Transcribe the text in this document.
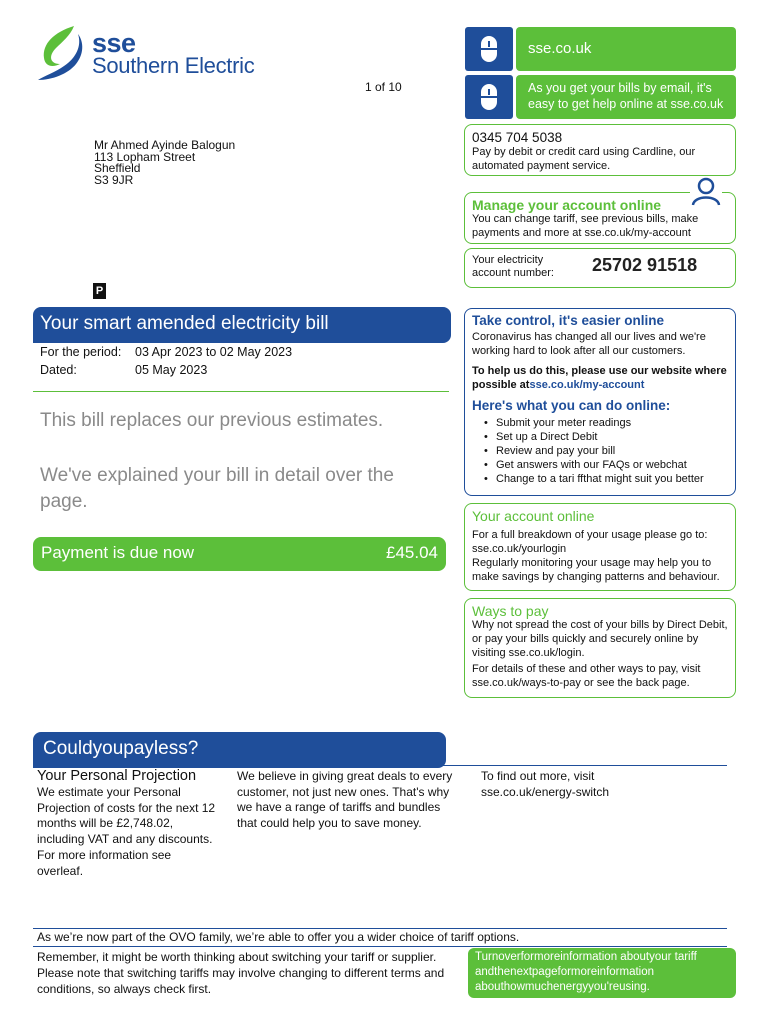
sse
Southern Electric
1 of 10
Mr Ahmed Ayinde Balogun
113 Lopham Street
Sheffield
S3 9JR
P
sse.co.uk
As you get your bills by email, it's easy to get help online at sse.co.uk
0345 704 5038
Pay by debit or credit card using Cardline, our automated payment service.
Manage your account online
You can change tariff, see previous bills, make payments and more at sse.co.uk/my-account
Your electricity
account number: 25702 91518
Take control, it's easier online
Coronavirus has changed all our lives and we're working hard to look after all our customers.
To help us do this, please use our website where possible atsse.co.uk/my-account
Here's what you can do online:
• Submit your meter readings
• Set up a Direct Debit
• Review and pay your bill
• Get answers with our FAQs or webchat
• Change to a tari ffthat might suit you better
Your account online
For a full breakdown of your usage please go to: sse.co.uk/yourlogin
Regularly monitoring your usage may help you to make savings by changing patterns and behaviour.
Ways to pay
Why not spread the cost of your bills by Direct Debit, or pay your bills quickly and securely online by visiting sse.co.uk/login.
For details of these and other ways to pay, visit sse.co.uk/ways-to-pay or see the back page.
Your smart amended electricity bill
For the period: 03 Apr 2023 to 02 May 2023
Dated:	05 May 2023
This bill replaces our previous estimates.
We've explained your bill in detail over the page.
Payment is due now	£45.04
Couldyoupayless?
Your Personal Projection
We estimate your Personal Projection of costs for the next 12 months will be £2,748.02, including VAT and any discounts. For more information see overleaf.
We believe in giving great deals to every customer, not just new ones. That's why we have a range of tariffs and bundles that could help you to save money.
To find out more, visit sse.co.uk/energy-switch
As we’re now part of the OVO family, we’re able to offer you a wider choice of tariff options.
Remember, it might be worth thinking about switching your tariff or supplier. Please note that switching tariffs may involve changing to different terms and conditions, so always check first.
Turnoverformoreinformation aboutyour tariff andthenextpageformoreinformation abouthowmuchenergyyou'reusing.
